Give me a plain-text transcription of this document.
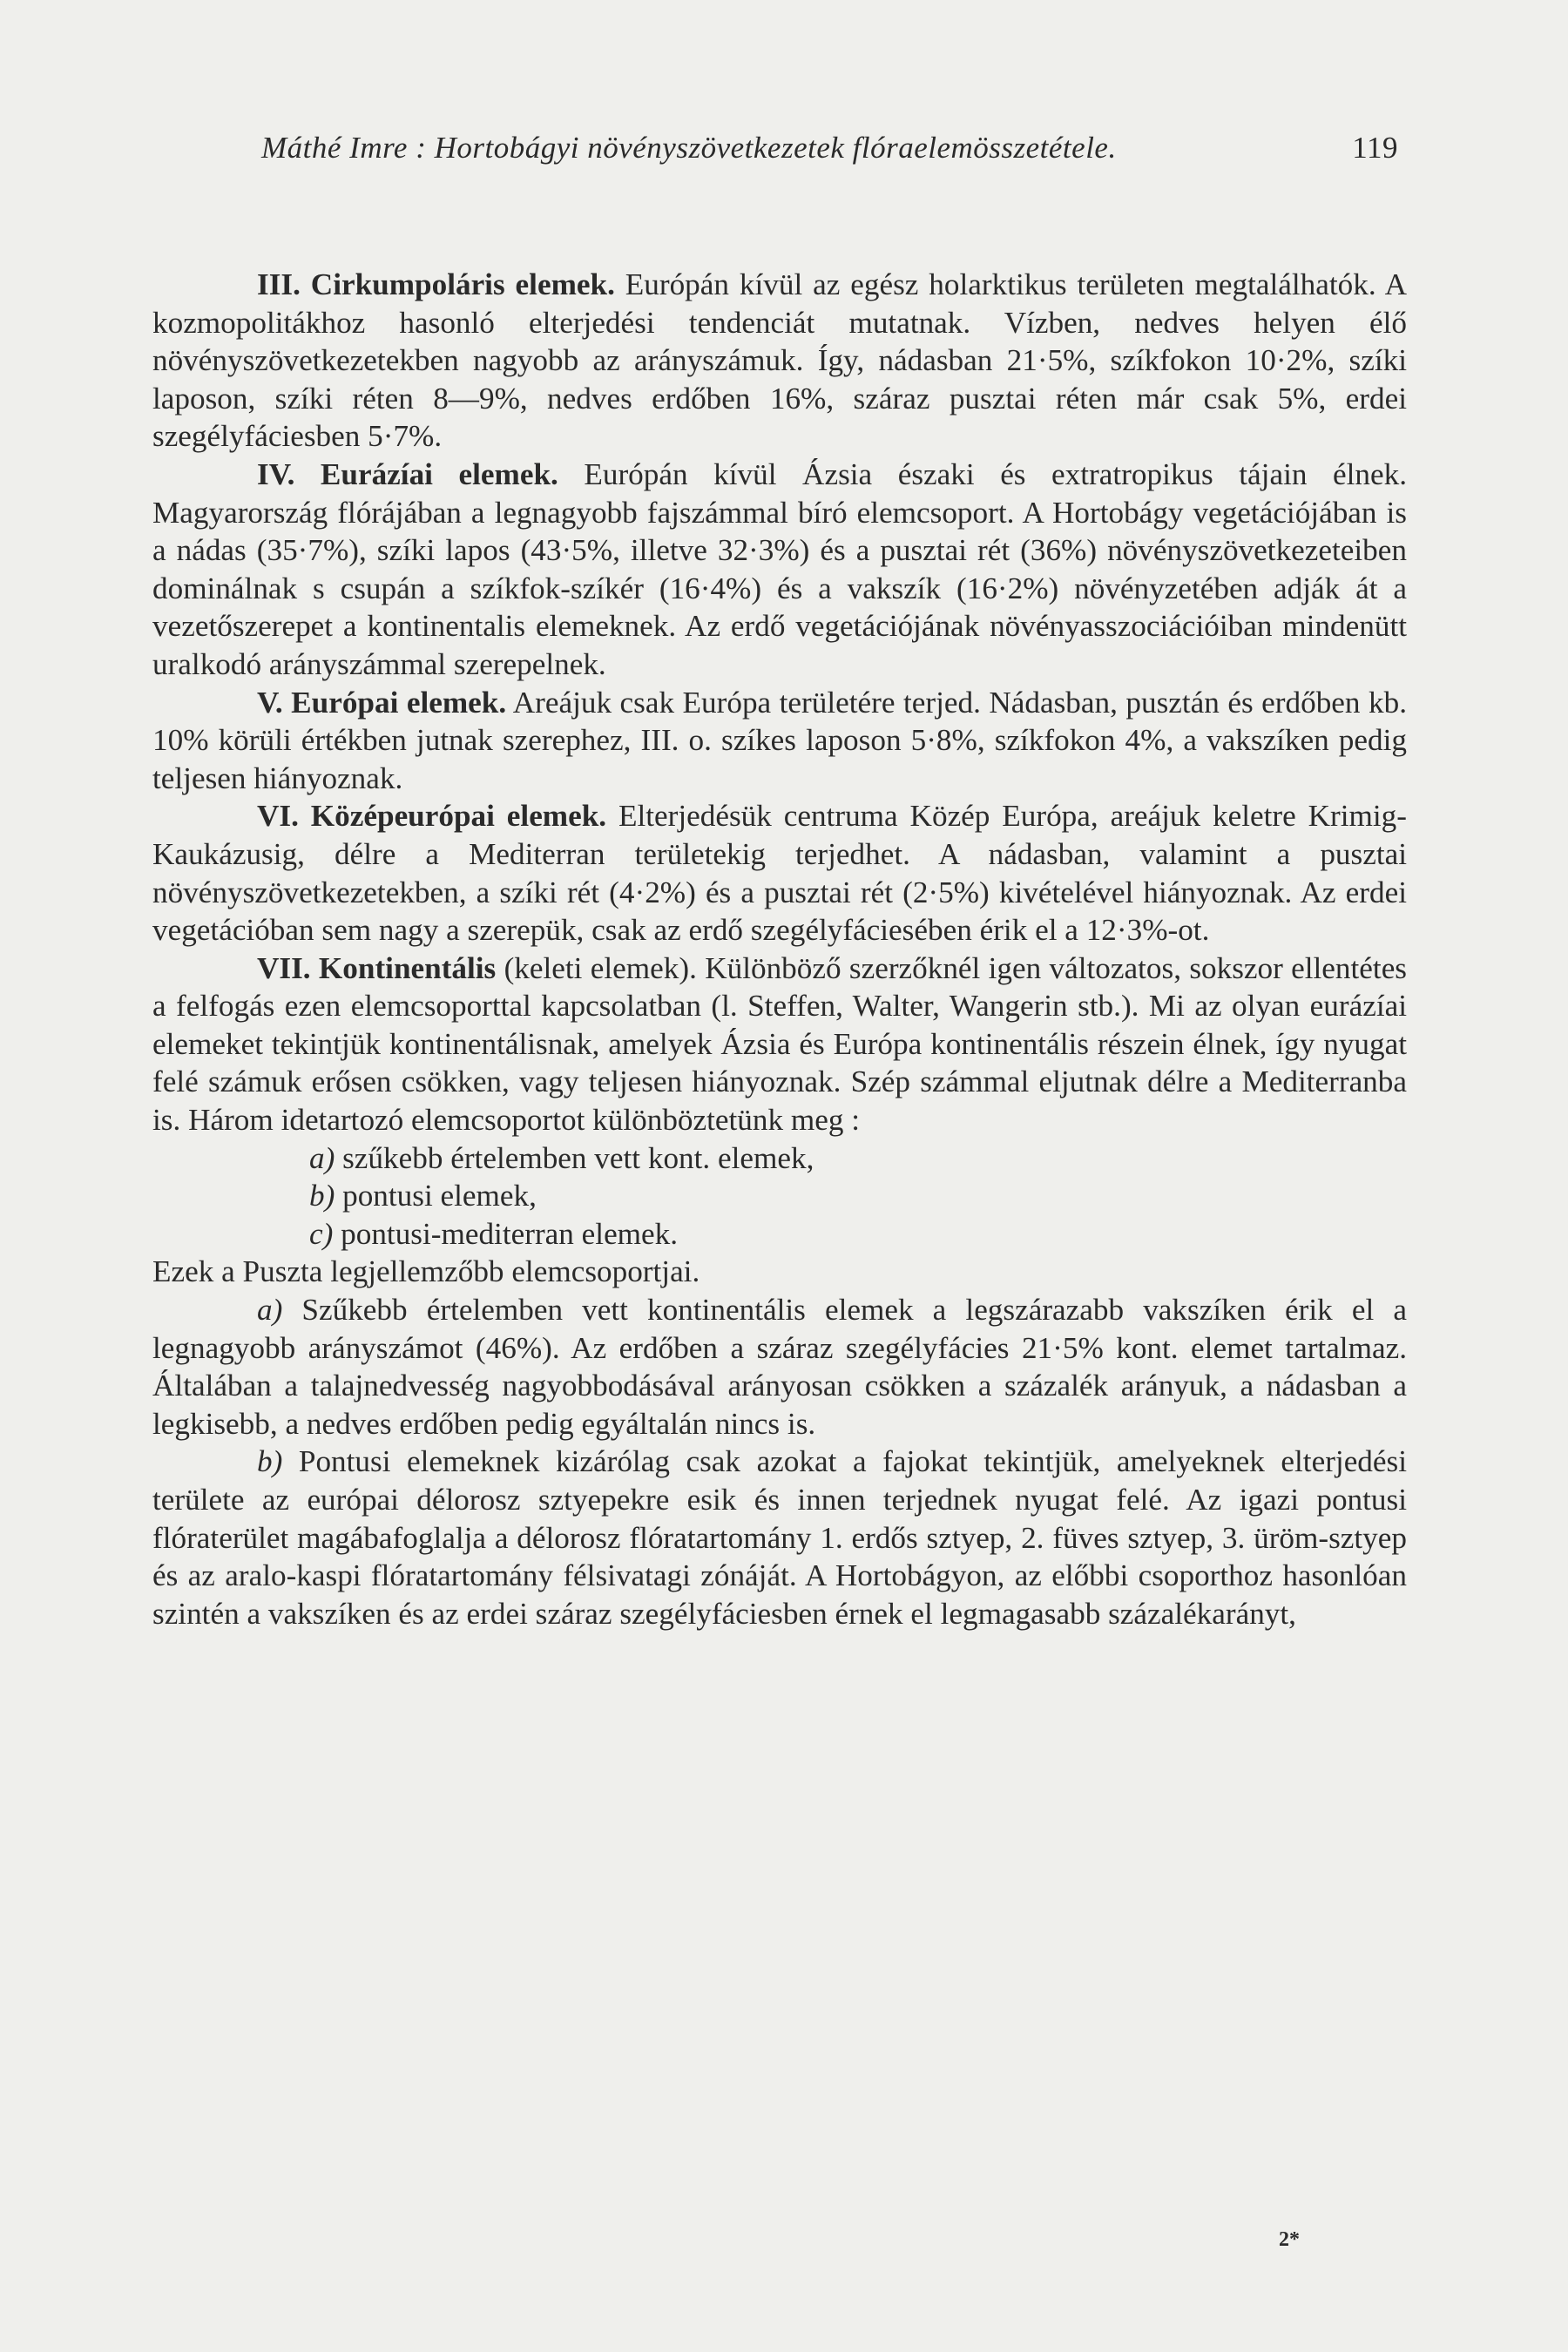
Máthé Imre : Hortobágyi növényszövetkezetek flóraelemösszetétele.	119

III. Cirkumpoláris elemek. Európán kívül az egész holarktikus területen megtalálhatók. A kozmopolitákhoz hasonló elterjedési tendenciát mutatnak. Vízben, nedves helyen élő növényszövetkezetekben nagyobb az arányszámuk. Így, nádasban 21·5%, szíkfokon 10·2%, szíki laposon, szíki réten 8—9%, nedves erdőben 16%, száraz pusztai réten már csak 5%, erdei szegélyfáciesben 5·7%.

IV. Eurázíai elemek. Európán kívül Ázsia északi és extratropikus tájain élnek. Magyarország flórájában a legnagyobb fajszámmal bíró elemcsoport. A Hortobágy vegetációjában is a nádas (35·7%), szíki lapos (43·5%, illetve 32·3%) és a pusztai rét (36%) növényszövetkezeteiben dominálnak s csupán a szíkfok-szíkér (16·4%) és a vakszík (16·2%) növényzetében adják át a vezetőszerepet a kontinentalis elemeknek. Az erdő vegetációjának növényasszociációiban mindenütt uralkodó arányszámmal szerepelnek.

V. Európai elemek. Areájuk csak Európa területére terjed. Nádasban, pusztán és erdőben kb. 10% körüli értékben jutnak szerephez, III. o. szíkes laposon 5·8%, szíkfokon 4%, a vakszíken pedig teljesen hiányoznak.

VI. Középeurópai elemek. Elterjedésük centruma Közép Európa, areájuk keletre Krimig-Kaukázusig, délre a Mediterran területekig terjedhet. A nádasban, valamint a pusztai növényszövetkezetekben, a szíki rét (4·2%) és a pusztai rét (2·5%) kivételével hiányoznak. Az erdei vegetációban sem nagy a szerepük, csak az erdő szegélyfáciesében érik el a 12·3%-ot.

VII. Kontinentális (keleti elemek). Különböző szerzőknél igen változatos, sokszor ellentétes a felfogás ezen elemcsoporttal kapcsolatban (l. Steffen, Walter, Wangerin stb.). Mi az olyan eurázíai elemeket tekintjük kontinentálisnak, amelyek Ázsia és Európa kontinentális részein élnek, így nyugat felé számuk erősen csökken, vagy teljesen hiányoznak. Szép számmal eljutnak délre a Mediterranba is. Három idetartozó elemcsoportot különböztetünk meg :

a) szűkebb értelemben vett kont. elemek,

b) pontusi elemek,

c) pontusi-mediterran elemek.

Ezek a Puszta legjellemzőbb elemcsoportjai.

a) Szűkebb értelemben vett kontinentális elemek a legszárazabb vakszíken érik el a legnagyobb arányszámot (46%). Az erdőben a száraz szegélyfácies 21·5% kont. elemet tartalmaz. Általában a talajnedvesség nagyobbodásával arányosan csökken a százalék arányuk, a nádasban a legkisebb, a nedves erdőben pedig egyáltalán nincs is.

b) Pontusi elemeknek kizárólag csak azokat a fajokat tekintjük, amelyeknek elterjedési területe az európai délorosz sztyepekre esik és innen terjednek nyugat felé. Az igazi pontusi flóraterület magábafoglalja a délorosz flóratartomány 1. erdős sztyep, 2. füves sztyep, 3. üröm-sztyep és az aralo-kaspi flóratartomány félsivatagi zónáját. A Hortobágyon, az előbbi csoporthoz hasonlóan szintén a vakszíken és az erdei száraz szegélyfáciesben érnek el legmagasabb százalékarányt,

2*
